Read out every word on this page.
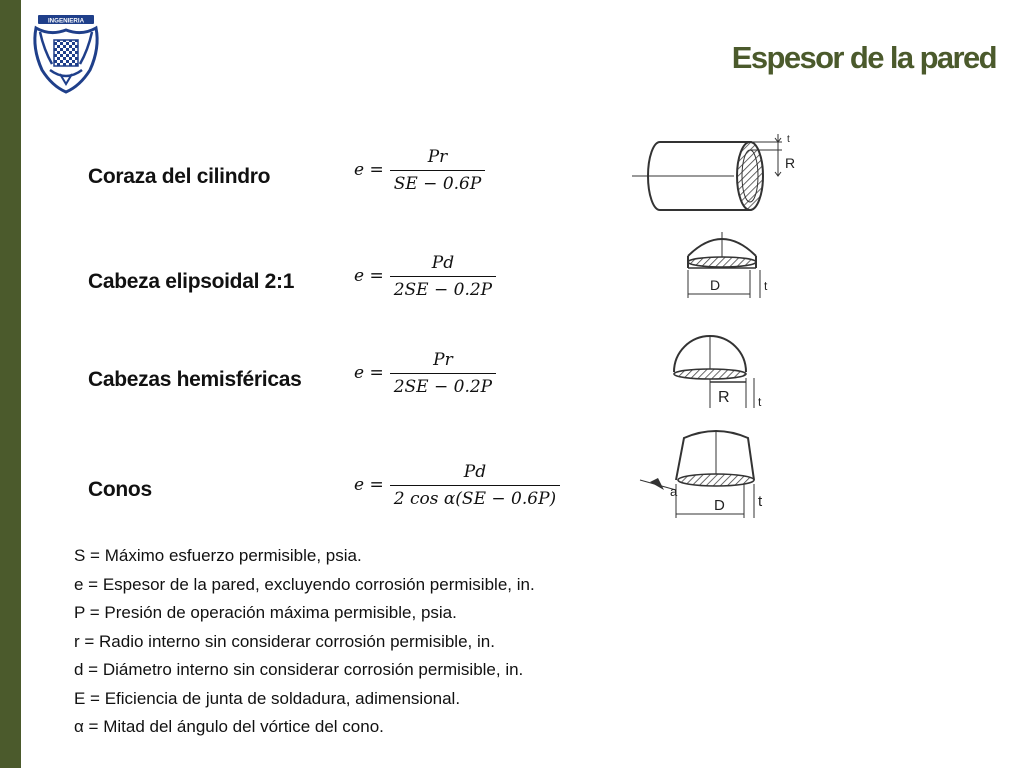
INGENIERIA
Espesor de la pared
Coraza del cilindro	$e = \frac{Pr}{SE - 0.6P}$
t
R
Cabeza elipsoidal 2:1	$e = \frac{Pd}{2SE - 0.2P}$	D	t
Cabezas hemisféricas	$e = \frac{Pr}{2SE - 0.2P}$
R t
Conos	$e = \frac{Pd}{\text{2 cos α(SE − 0.6P)}}$	a
D t
S = Máximo esfuerzo permisible, psia.
e = Espesor de la pared, excluyendo corrosión permisible, in.
P = Presión de operación máxima permisible, psia.
r = Radio interno sin considerar corrosión permisible, in.
d = Diámetro interno sin considerar corrosión permisible, in.
E = Eficiencia de junta de soldadura, adimensional.
α = Mitad del ángulo del vórtice del cono.
